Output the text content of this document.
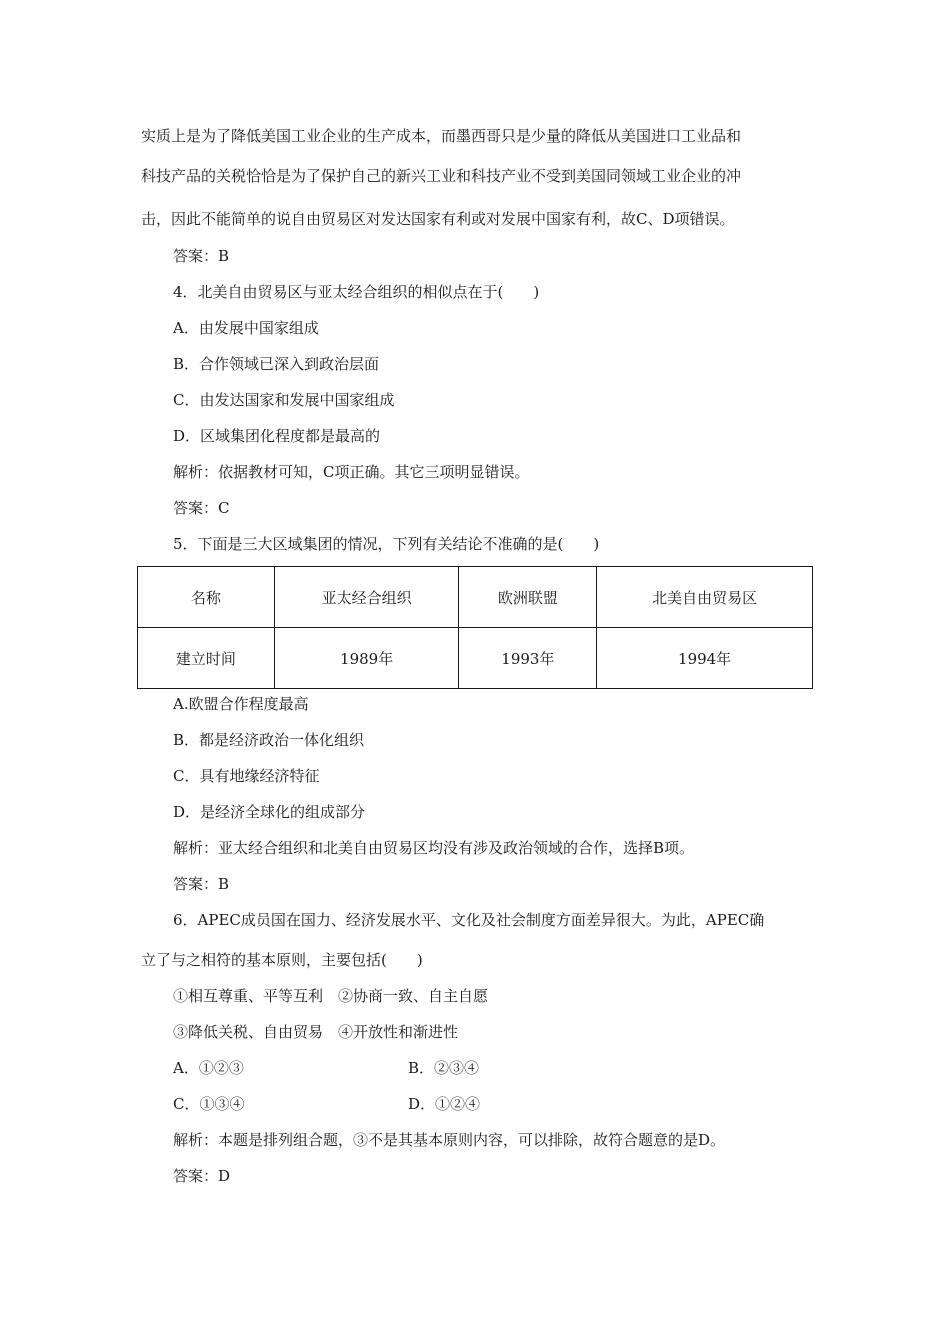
实质上是为了降低美国工业企业的生产成本，而墨西哥只是少量的降低从美国进口工业品和
科技产品的关税恰恰是为了保护自己的新兴工业和科技产业不受到美国同领域工业企业的冲
击，因此不能简单的说自由贸易区对发达国家有利或对发展中国家有利，故C、D项错误。
答案：B
4．北美自由贸易区与亚太经合组织的相似点在于(　　)
A．由发展中国家组成
B．合作领域已深入到政治层面
C．由发达国家和发展中国家组成
D．区域集团化程度都是最高的
解析：依据教材可知，C项正确。其它三项明显错误。
答案：C
5．下面是三大区域集团的情况，下列有关结论不准确的是(　　)
名称	亚太经合组织	欧洲联盟	北美自由贸易区
建立时间	1989年	1993年	1994年
A.欧盟合作程度最高
B．都是经济政治一体化组织
C．具有地缘经济特征
D．是经济全球化的组成部分
解析：亚太经合组织和北美自由贸易区均没有涉及政治领域的合作，选择B项。
答案：B
6．APEC成员国在国力、经济发展水平、文化及社会制度方面差异很大。为此，APEC确
立了与之相符的基本原则，主要包括(　　)
①相互尊重、平等互利　②协商一致、自主自愿
③降低关税、自由贸易　④开放性和渐进性
A．①②③	B．②③④
C．①③④	D．①②④
解析：本题是排列组合题，③不是其基本原则内容，可以排除，故符合题意的是D。
答案：D
